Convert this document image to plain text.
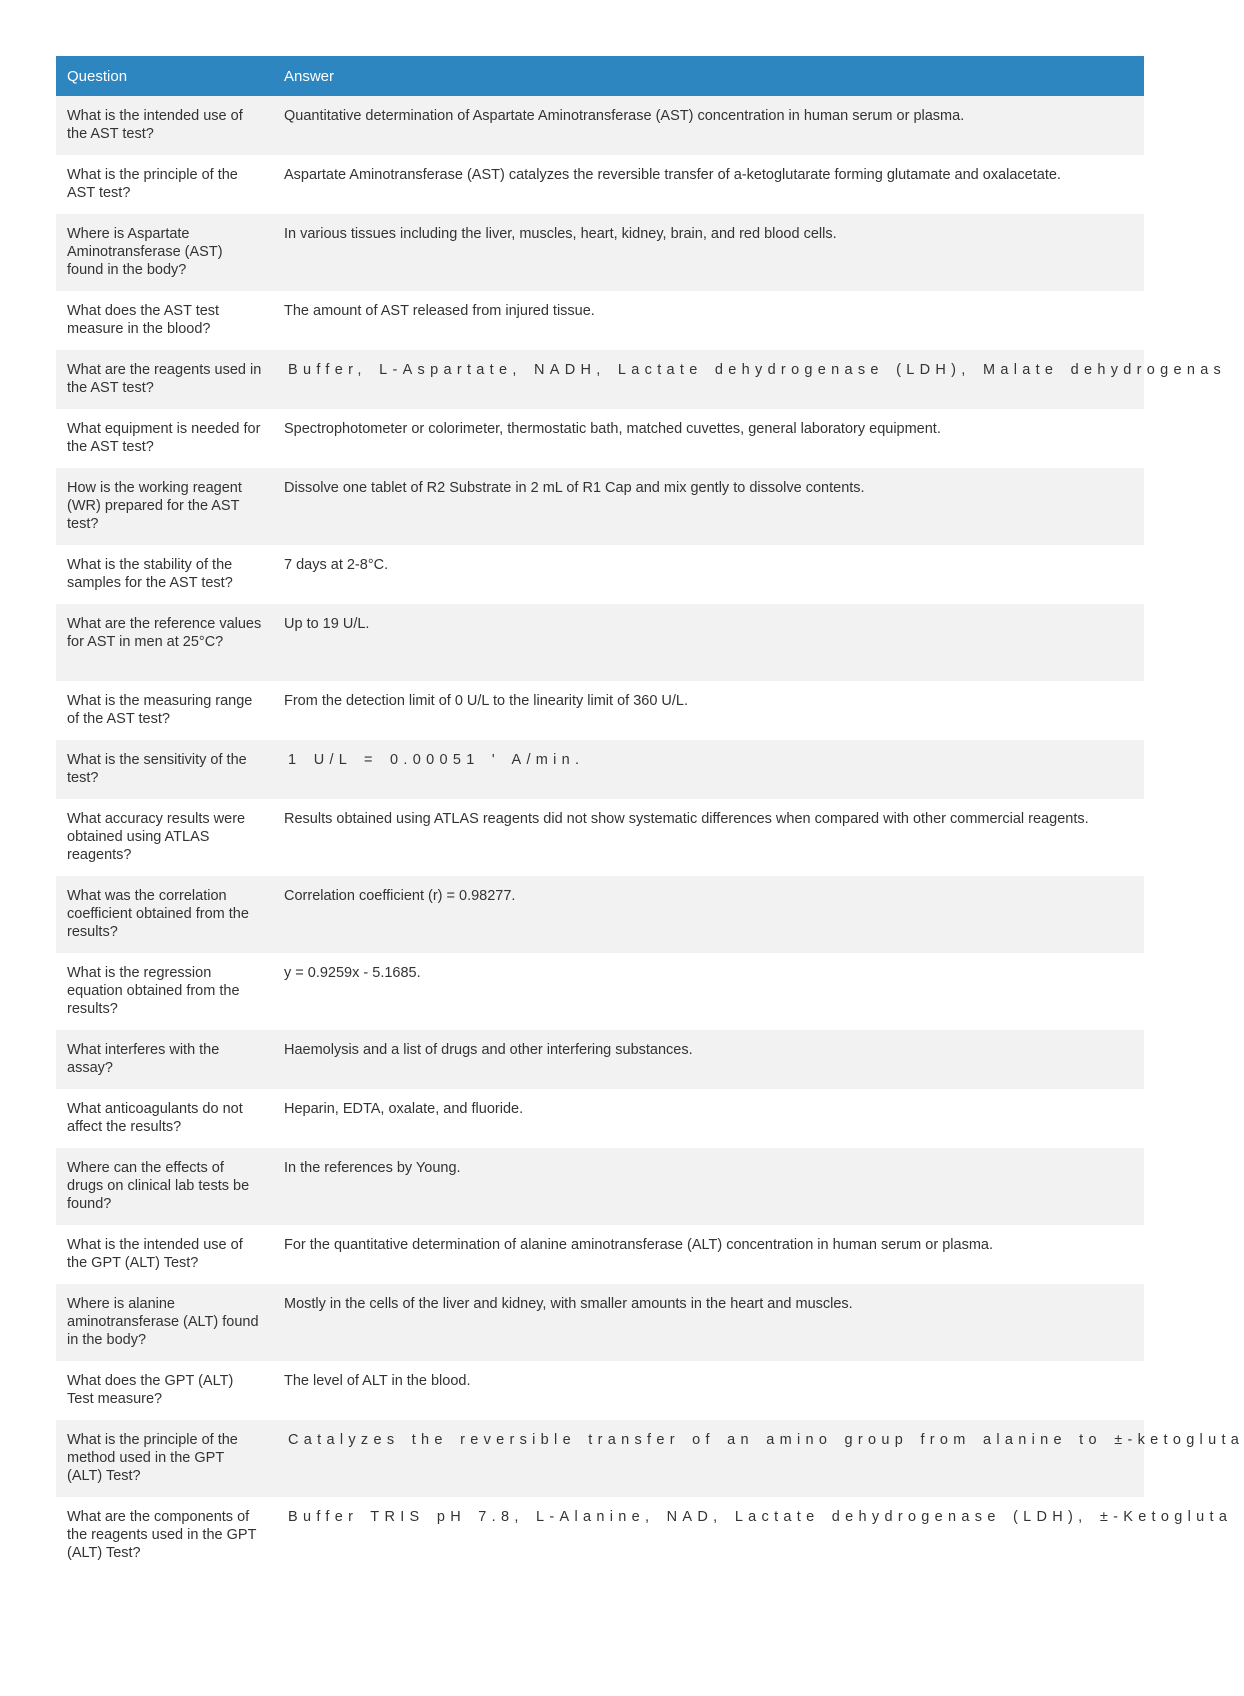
Question	Answer
What is the intended use of the AST test?	Quantitative determination of Aspartate Aminotransferase (AST) concentration in human serum or plasma.
What is the principle of the AST test?	Aspartate Aminotransferase (AST) catalyzes the reversible transfer of a-ketoglutarate forming glutamate and oxalacetate.
Where is Aspartate Aminotransferase (AST) found in the body?	In various tissues including the liver, muscles, heart, kidney, brain, and red blood cells.
What does the AST test measure in the blood?	The amount of AST released from injured tissue.
What are the reagents used in the AST test?	Buffer, L-Aspartate, NADH, Lactate dehydrogenase (LDH), Malate dehydrogenas
What equipment is needed for the AST test?	Spectrophotometer or colorimeter, thermostatic bath, matched cuvettes, general laboratory equipment.
How is the working reagent (WR) prepared for the AST test?	Dissolve one tablet of R2 Substrate in 2 mL of R1 Cap and mix gently to dissolve contents.
What is the stability of the samples for the AST test?	7 days at 2-8°C.
What are the reference values for AST in men at 25°C?	Up to 19 U/L.
What is the measuring range of the AST test?	From the detection limit of 0 U/L to the linearity limit of 360 U/L.
What is the sensitivity of the test?	1 U/L = 0.00051 ' A/min.
What accuracy results were obtained using ATLAS reagents?	Results obtained using ATLAS reagents did not show systematic differences when compared with other commercial reagents.
What was the correlation coefficient obtained from the results?	Correlation coefficient (r) = 0.98277.
What is the regression equation obtained from the results?	y = 0.9259x - 5.1685.
What interferes with the assay?	Haemolysis and a list of drugs and other interfering substances.
What anticoagulants do not affect the results?	Heparin, EDTA, oxalate, and fluoride.
Where can the effects of drugs on clinical lab tests be found?	In the references by Young.
What is the intended use of the GPT (ALT) Test?	For the quantitative determination of alanine aminotransferase (ALT) concentration in human serum or plasma.
Where is alanine aminotransferase (ALT) found in the body?	Mostly in the cells of the liver and kidney, with smaller amounts in the heart and muscles.
What does the GPT (ALT) Test measure?	The level of ALT in the blood.
What is the principle of the method used in the GPT (ALT) Test?	Catalyzes the reversible transfer of an amino group from alanine to ±-ketogluta
What are the components of the reagents used in the GPT (ALT) Test?	Buffer TRIS pH 7.8, L-Alanine, NAD, Lactate dehydrogenase (LDH), ±-Ketogluta
